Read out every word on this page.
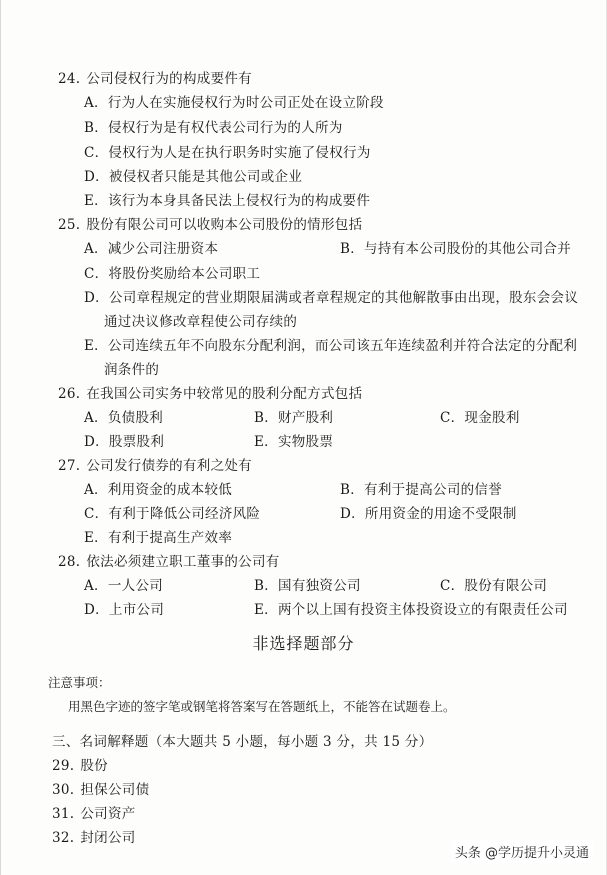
24. 公司侵权行为的构成要件有
A．行为人在实施侵权行为时公司正处在设立阶段
B．侵权行为是有权代表公司行为的人所为
C．侵权行为人是在执行职务时实施了侵权行为
D．被侵权者只能是其他公司或企业
E．该行为本身具备民法上侵权行为的构成要件
25. 股份有限公司可以收购本公司股份的情形包括
A．减少公司注册资本	B．与持有本公司股份的其他公司合并
C．将股份奖励给本公司职工
D．公司章程规定的营业期限届满或者章程规定的其他解散事由出现，股东会会议
通过决议修改章程使公司存续的
E．公司连续五年不向股东分配利润，而公司该五年连续盈利并符合法定的分配利
润条件的
26. 在我国公司实务中较常见的股利分配方式包括
A．负债股利	B．财产股利	C．现金股利
D．股票股利	E．实物股票
27. 公司发行债券的有利之处有
A．利用资金的成本较低	B．有利于提高公司的信誉
C．有利于降低公司经济风险	D．所用资金的用途不受限制
E．有利于提高生产效率
28. 依法必须建立职工董事的公司有
A．一人公司	B．国有独资公司	C．股份有限公司
D．上市公司	E．两个以上国有投资主体投资设立的有限责任公司
非选择题部分
注意事项：
用黑色字迹的签字笔或钢笔将答案写在答题纸上，不能答在试题卷上。
三、名词解释题（本大题共 5 小题，每小题 3 分，共 15 分）
29. 股份
30. 担保公司债
31. 公司资产
32. 封闭公司
头条 @学历提升小灵通
